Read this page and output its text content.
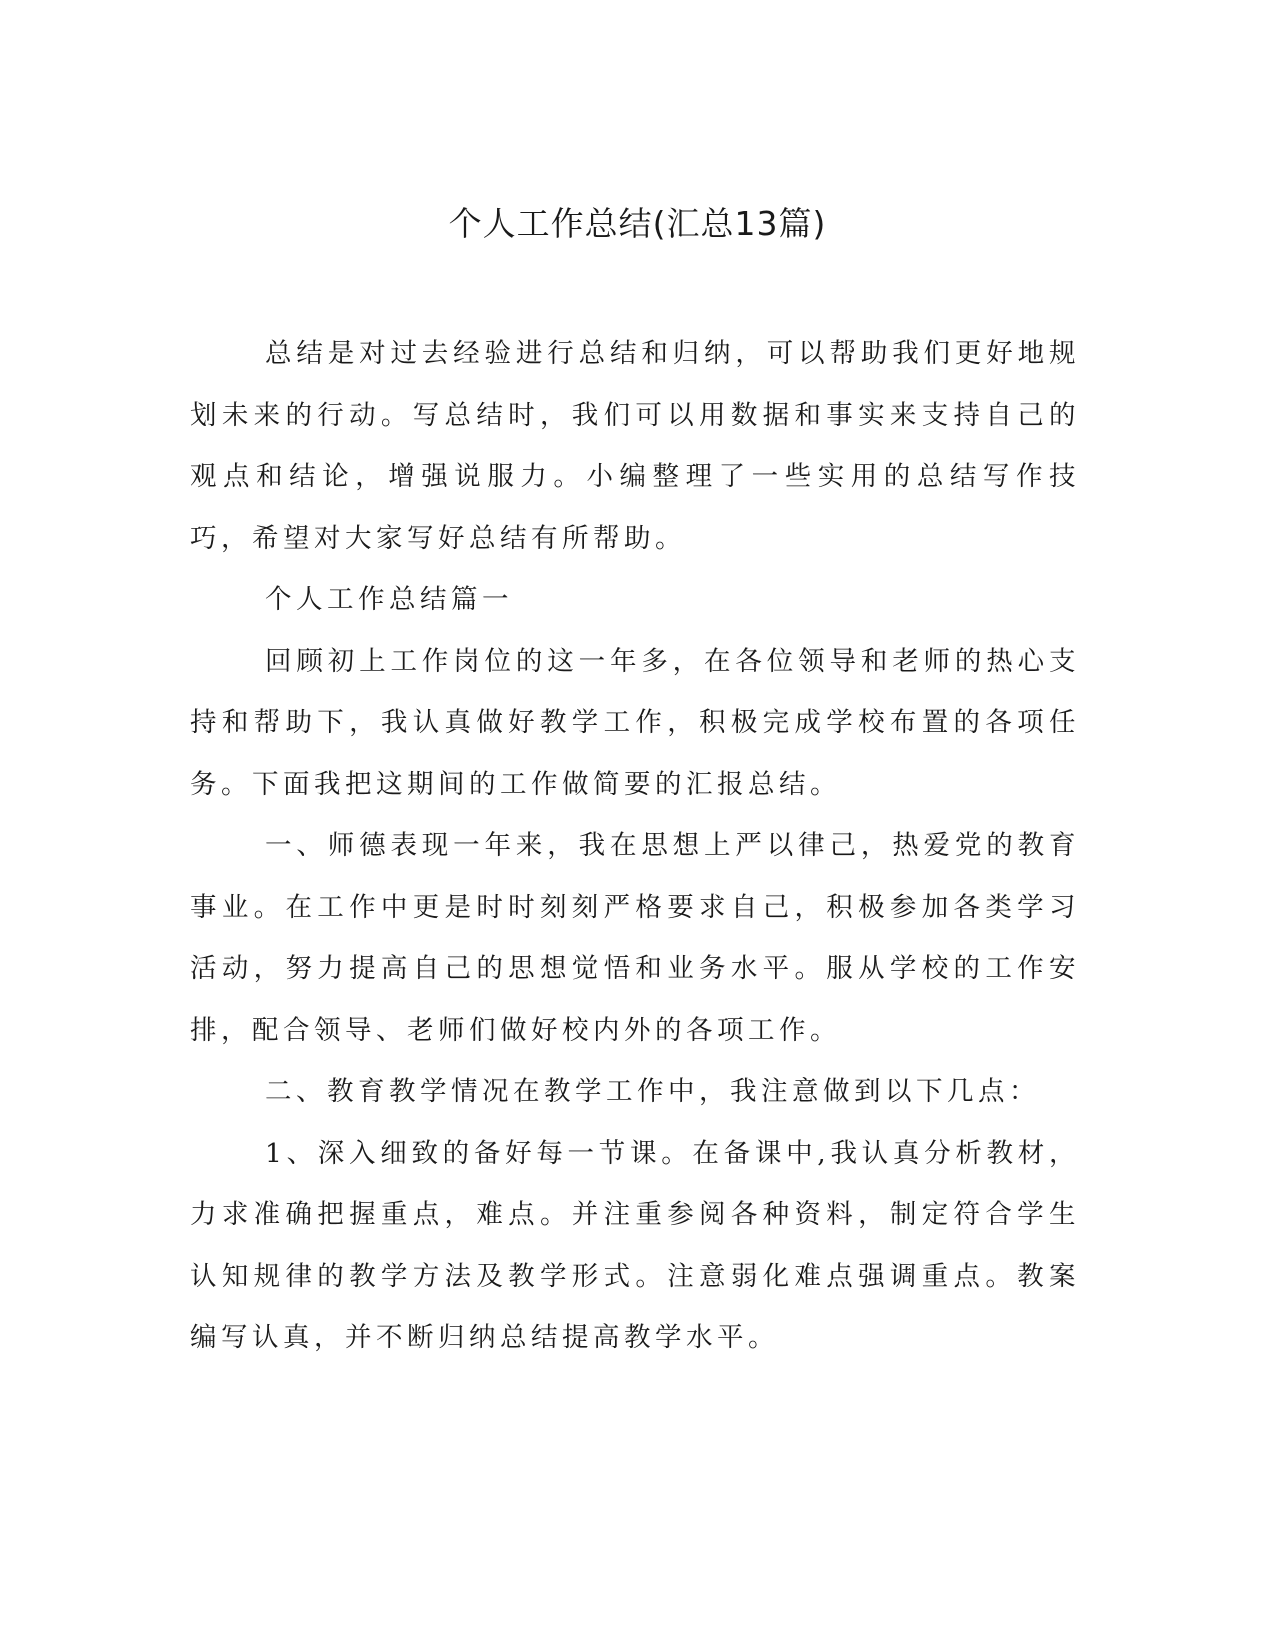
个人工作总结(汇总13篇)

总结是对过去经验进行总结和归纳，可以帮助我们更好地规划未来的行动。写总结时，我们可以用数据和事实来支持自己的观点和结论，增强说服力。小编整理了一些实用的总结写作技巧，希望对大家写好总结有所帮助。

个人工作总结篇一

回顾初上工作岗位的这一年多，在各位领导和老师的热心支持和帮助下，我认真做好教学工作，积极完成学校布置的各项任务。下面我把这期间的工作做简要的汇报总结。

一、师德表现一年来，我在思想上严以律己，热爱党的教育事业。在工作中更是时时刻刻严格要求自己，积极参加各类学习活动，努力提高自己的思想觉悟和业务水平。服从学校的工作安排，配合领导、老师们做好校内外的各项工作。

二、教育教学情况在教学工作中，我注意做到以下几点：

1、深入细致的备好每一节课。在备课中,我认真分析教材，力求准确把握重点，难点。并注重参阅各种资料，制定符合学生认知规律的教学方法及教学形式。注意弱化难点强调重点。教案编写认真，并不断归纳总结提高教学水平。
